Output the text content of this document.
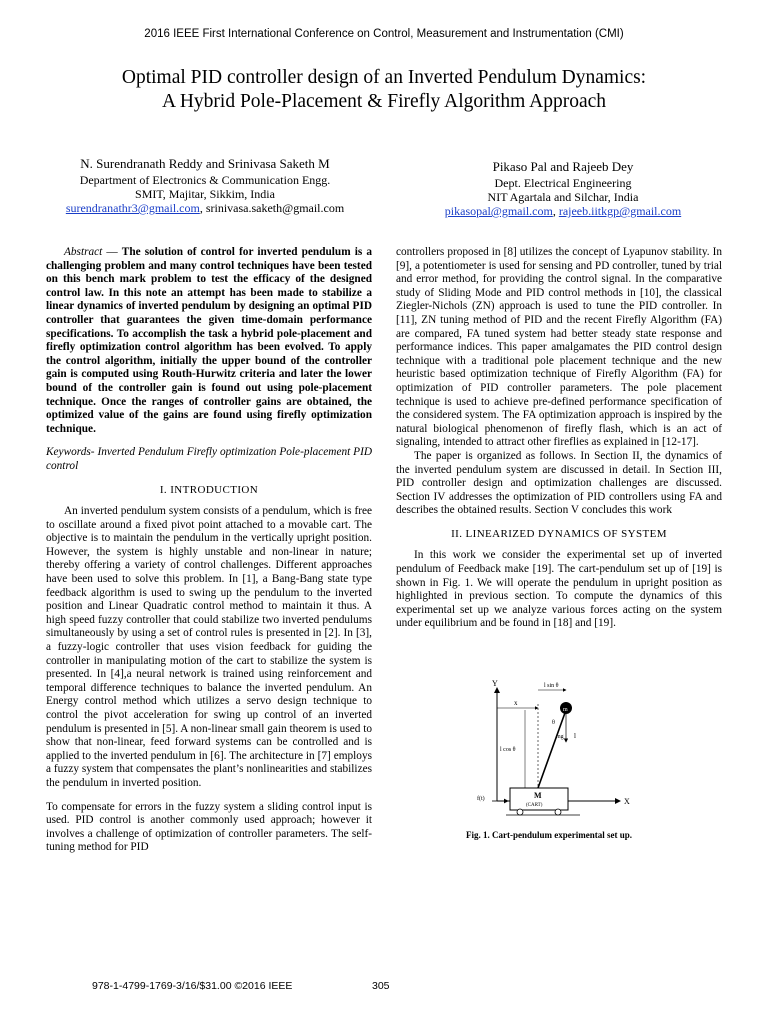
2016 IEEE First International Conference on Control, Measurement and Instrumentation (CMI)
Optimal PID controller design of an Inverted Pendulum Dynamics:
A Hybrid Pole-Placement & Firefly Algorithm Approach
N. Surendranath Reddy and Srinivasa Saketh M
Department of Electronics & Communication Engg.
SMIT, Majitar, Sikkim, India
surendranathr3@gmail.com, srinivasa.saketh@gmail.com
Pikaso Pal and Rajeeb Dey
Dept. Electrical Engineering
NIT Agartala and Silchar, India
pikasopal@gmail.com, rajeeb.iitkgp@gmail.com

Abstract — The solution of control for inverted pendulum is a challenging problem and many control techniques have been tested on this bench mark problem to test the efficacy of the designed control law. In this note an attempt has been made to stabilize a linear dynamics of inverted pendulum by designing an optimal PID controller that guarantees the given time-domain performance specifications. To accomplish the task a hybrid pole-placement and firefly optimization control algorithm has been evolved. To apply the control algorithm, initially the upper bound of the controller gain is computed using Routh-Hurwitz criteria and later the lower bound of the controller gain is found out using pole-placement technique. Once the ranges of controller gains are obtained, the optimized value of the gains are found using firefly optimization technique.

Keywords- Inverted Pendulum Firefly optimization Pole-placement PID control

I. INTRODUCTION

An inverted pendulum system consists of a pendulum, which is free to oscillate around a fixed pivot point attached to a movable cart. The objective is to maintain the pendulum in the vertically upright position. However, the system is highly unstable and non-linear in nature; thereby offering a variety of control challenges. Different approaches have been used to solve this problem. In [1], a Bang-Bang state type feedback algorithm is used to swing up the pendulum to the inverted position and Linear Quadratic control method to maintain it thus. A high speed fuzzy controller that could stabilize two inverted pendulums simultaneously by using a set of control rules is presented in [2]. In [3], a fuzzy-logic controller that uses vision feedback for guiding the controller in manipulating motion of the cart to stabilize the system is presented. In [4],a neural network is trained using reinforcement and temporal difference techniques to balance the inverted pendulum. An Energy control method which utilizes a servo design technique to control the pivot acceleration for swing up control of an inverted pendulum is presented in [5]. A non-linear small gain theorem is used to show that non-linear, feed forward systems can be controlled and is applied to the inverted pendulum in [6]. The architecture in [7] employs a fuzzy system that compensates the plant’s nonlinearities and stabilizes the pendulum in inverted position.

To compensate for errors in the fuzzy system a sliding control input is used. PID control is another commonly used approach; however it involves a challenge of optimization of controller parameters. The self-tuning method for PID

controllers proposed in [8] utilizes the concept of Lyapunov stability. In [9], a potentiometer is used for sensing and PD controller, tuned by trial and error method, for providing the control signal. In the comparative study of Sliding Mode and PID control methods in [10], the classical Ziegler-Nichols (ZN) approach is used to tune the PID controller. In [11], ZN tuning method of PID and the recent Firefly Algorithm (FA) are compared, FA tuned system had better steady state response and performance indices. This paper amalgamates the PID control design technique with a traditional pole placement technique and the new heuristic based optimization technique of Firefly Algorithm (FA) for optimization of PID controller parameters. The pole placement technique is used to achieve pre-defined performance specification of the considered system. The FA optimization approach is inspired by the natural biological phenomenon of firefly flash, which is an act of signaling, intended to attract other fireflies as explained in [12-17].

The paper is organized as follows. In Section II, the dynamics of the inverted pendulum system are discussed in detail. In Section III, PID controller design and optimization challenges are discussed. Section IV addresses the optimization of PID controllers using FA and describes the obtained results. Section V concludes this work

II. LINEARIZED DYNAMICS OF SYSTEM

In this work we consider the experimental set up of inverted pendulum of Feedback make [19]. The cart-pendulum set up of [19] is shown in Fig. 1. We will operate the pendulum in upright position as highlighted in previous section. To compute the dynamics of this experimental set up we analyze various forces acting on the system under equilibrium and be found in [18] and [19].

Y
X
x
l sin θ
m
mg
θ
l
l cos θ
M
(CART)
f(t)
Fig. 1. Cart-pendulum experimental set up.
978-1-4799-1769-3/16/$31.00 ©2016 IEEE	305
